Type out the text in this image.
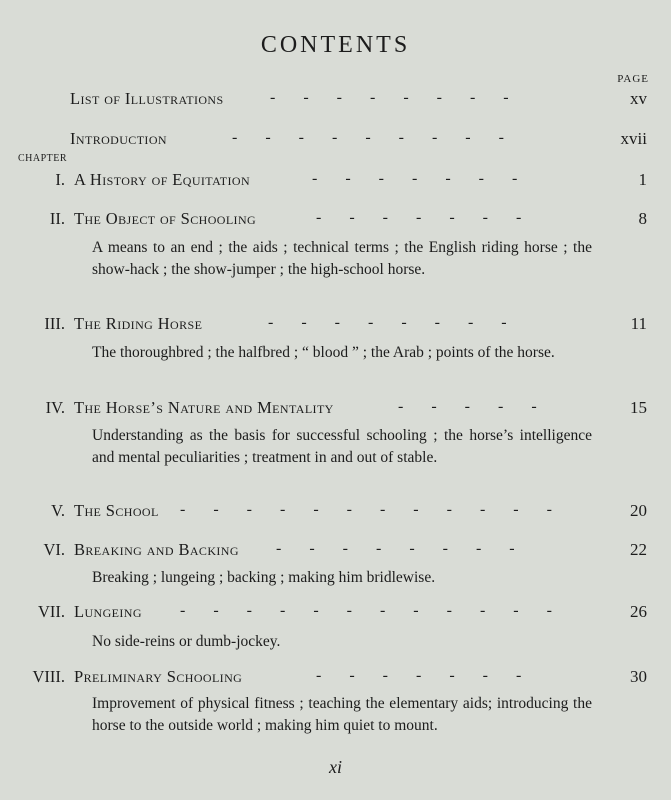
CONTENTS
PAGE
CHAPTER
List of Illustrations	-       -       -       -       -       -       -       -	xv
Introduction	-       -       -       -       -       -       -       -       -	xvii
I. A History of Equitation	-       -       -       -       -       -       -	1
II. The Object of Schooling	-       -       -       -       -       -       -	8
A means to an end ; the aids ; technical terms ; the English riding horse ; the show-hack ; the show-jumper ; the high-school horse.
III. The Riding Horse	-       -       -       -       -       -       -       -	11
The thoroughbred ; the halfbred ; “ blood ” ; the Arab ; points of the horse.
IV. The Horse’s Nature and Mentality	-       -       -       -       -	15
Understanding as the basis for successful schooling ; the horse’s intelligence and mental peculiarities ; treatment in and out of stable.
V. The School -       -       -       -       -       -       -       -       -       -       -       -	20
VI. Breaking and Backing -       -       -       -       -       -       -       -	22
Breaking ; lungeing ; backing ; making him bridlewise.
VII. Lungeing -       -       -       -       -       -       -       -       -       -       -       -	26
No side-reins or dumb-jockey.
VIII. Preliminary Schooling	-       -       -       -       -       -       -	30
Improvement of physical fitness ; teaching the elementary aids; introducing the horse to the outside world ; making him quiet to mount.
xi
